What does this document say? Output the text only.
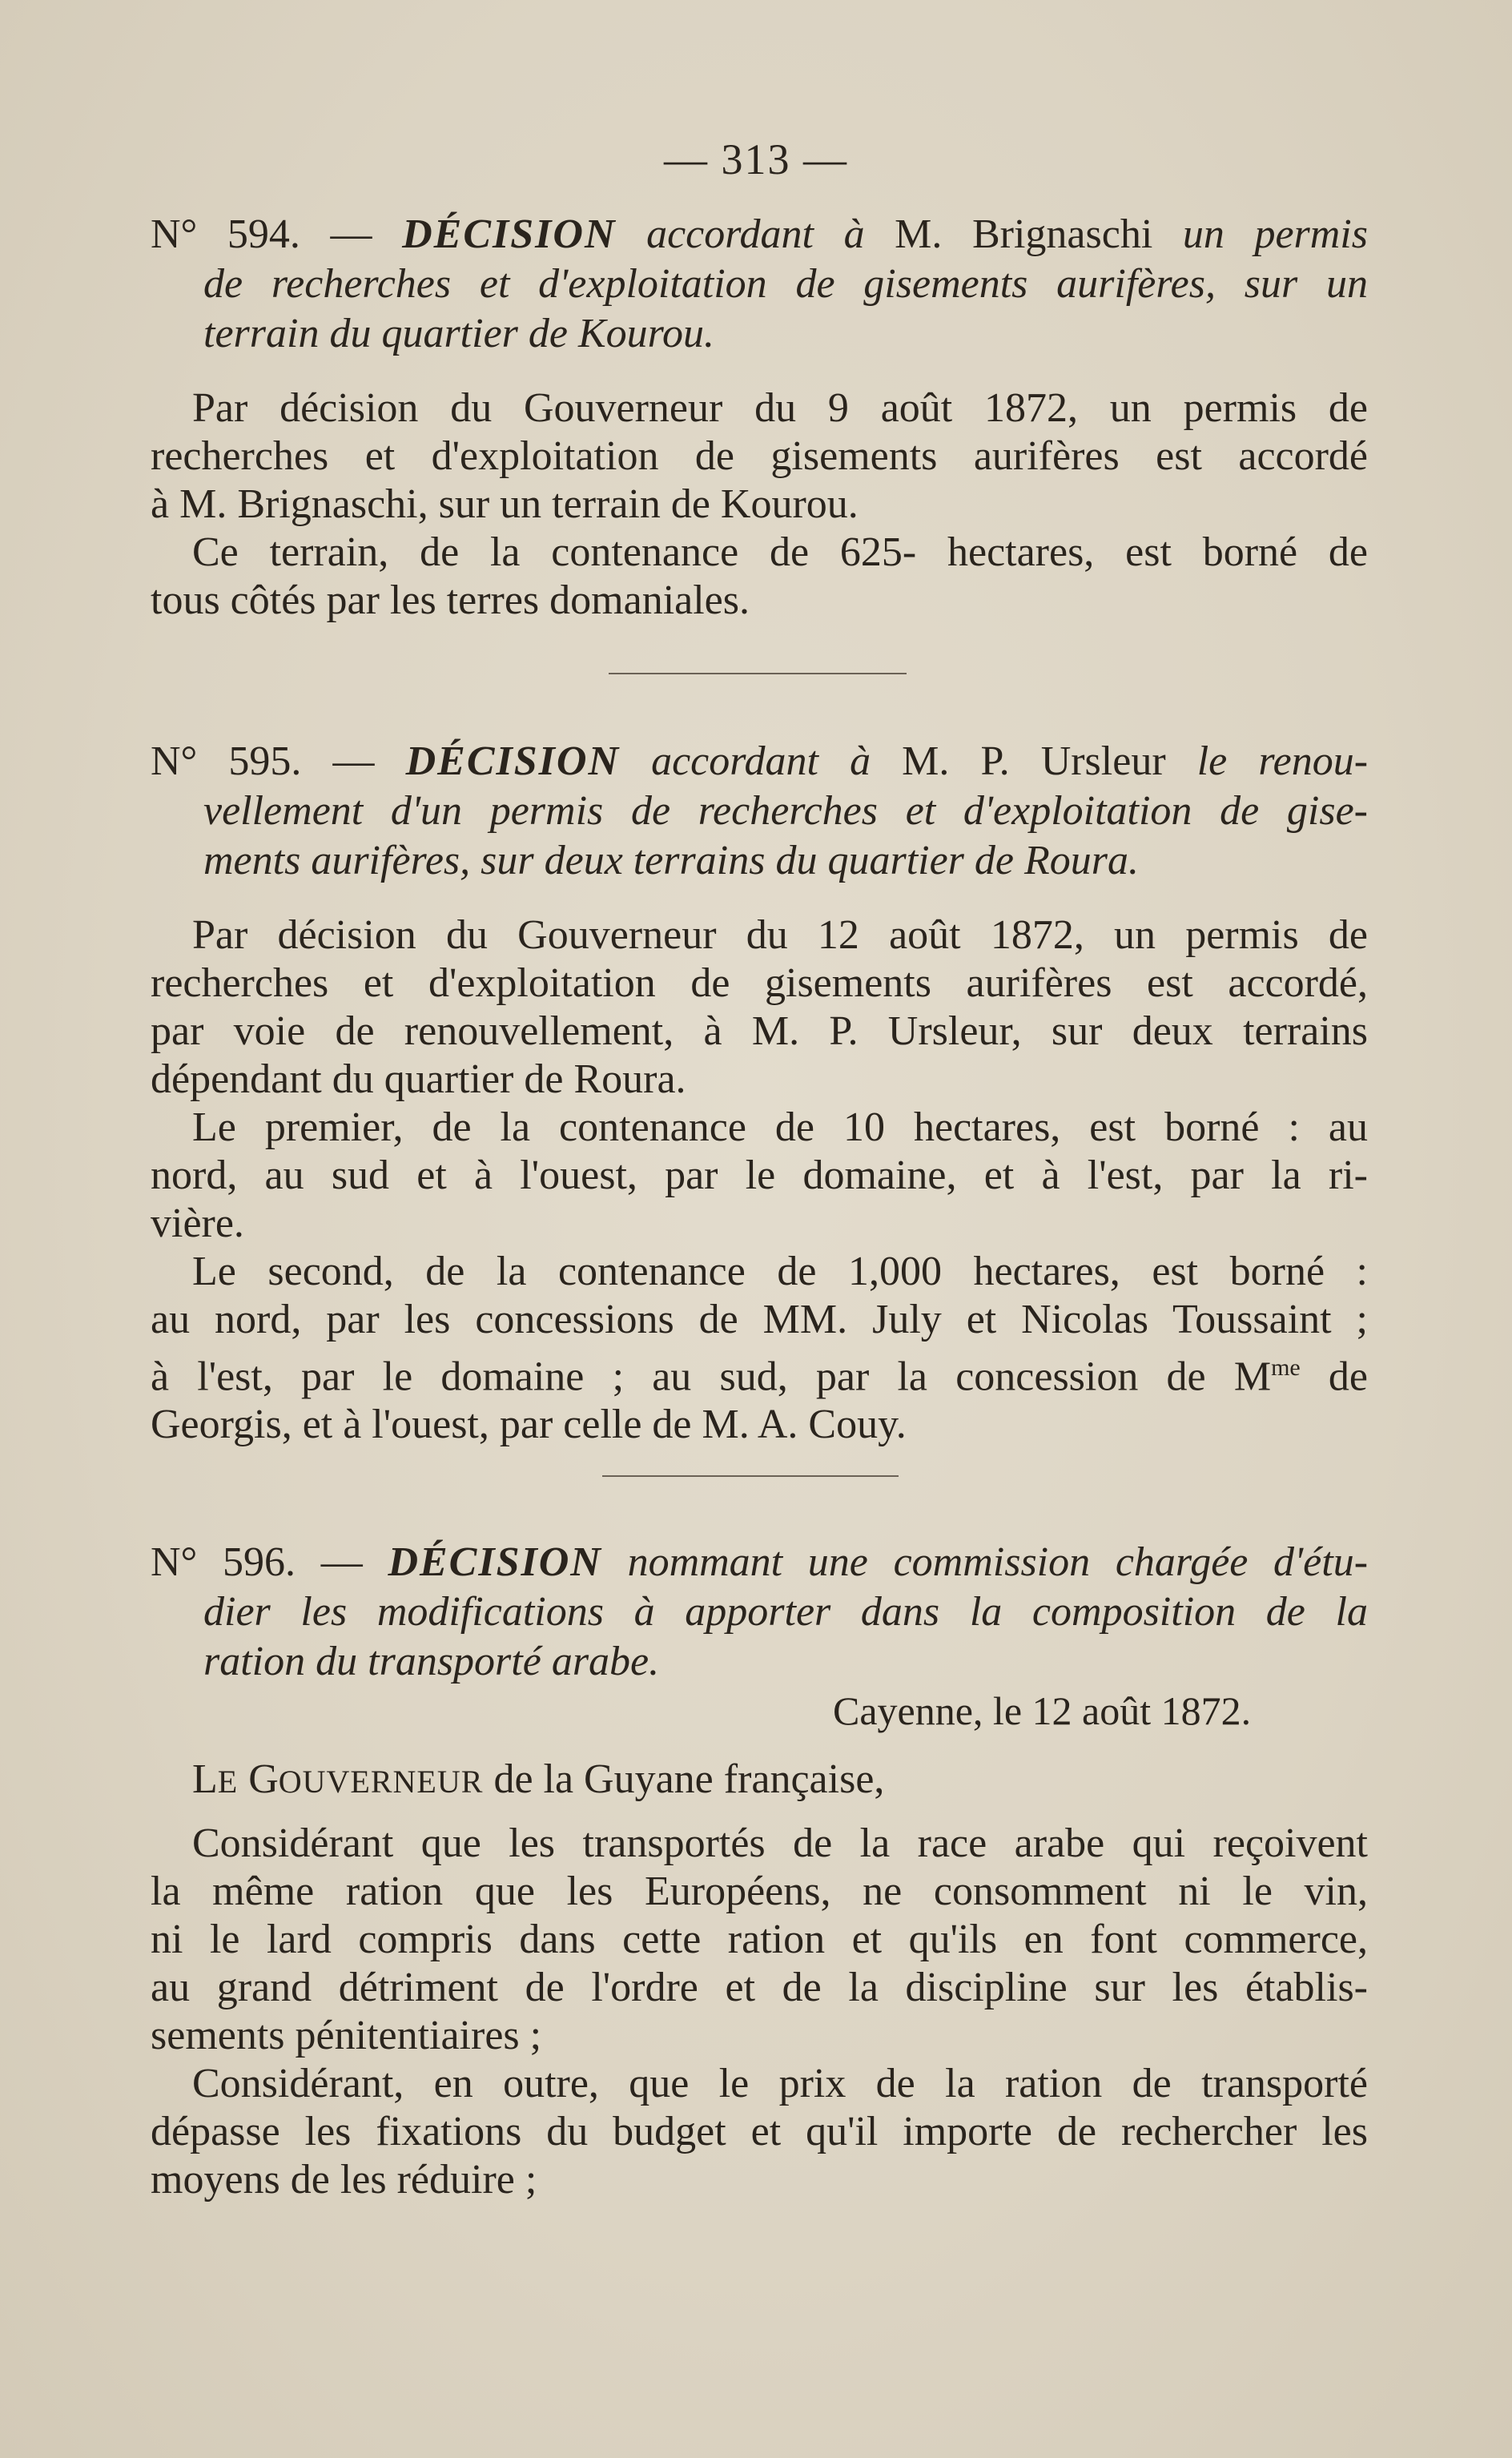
— 313 —
N° 594. — DÉCISION accordant à M. Brignaschi un permis
de recherches et d'exploitation de gisements aurifères, sur un
terrain du quartier de Kourou.
Par décision du Gouverneur du 9 août 1872, un permis de
recherches et d'exploitation de gisements aurifères est accordé
à M. Brignaschi, sur un terrain de Kourou.
Ce terrain, de la contenance de 625- hectares, est borné de
tous côtés par les terres domaniales.
N° 595. — DÉCISION accordant à M. P. Ursleur le renou-
vellement d'un permis de recherches et d'exploitation de gise-
ments aurifères, sur deux terrains du quartier de Roura.
Par décision du Gouverneur du 12 août 1872, un permis de
recherches et d'exploitation de gisements aurifères est accordé,
par voie de renouvellement, à M. P. Ursleur, sur deux terrains
dépendant du quartier de Roura.
Le premier, de la contenance de 10 hectares, est borné : au
nord, au sud et à l'ouest, par le domaine, et à l'est, par la ri-
vière.
Le second, de la contenance de 1,000 hectares, est borné :
au nord, par les concessions de MM. July et Nicolas Toussaint ;
à l'est, par le domaine ; au sud, par la concession de $M^{me}$ de
Georgis, et à l'ouest, par celle de M. A. Couy.
N° 596. — DÉCISION nommant une commission chargée d'étu-
dier les modifications à apporter dans la composition de la
ration du transporté arabe.
Cayenne, le 12 août 1872.
LE GOUVERNEUR de la Guyane française,
Considérant que les transportés de la race arabe qui reçoivent
la même ration que les Européens, ne consomment ni le vin,
ni le lard compris dans cette ration et qu'ils en font commerce,
au grand détriment de l'ordre et de la discipline sur les établis-
sements pénitentiaires ;
Considérant, en outre, que le prix de la ration de transporté
dépasse les fixations du budget et qu'il importe de rechercher les
moyens de les réduire ;
